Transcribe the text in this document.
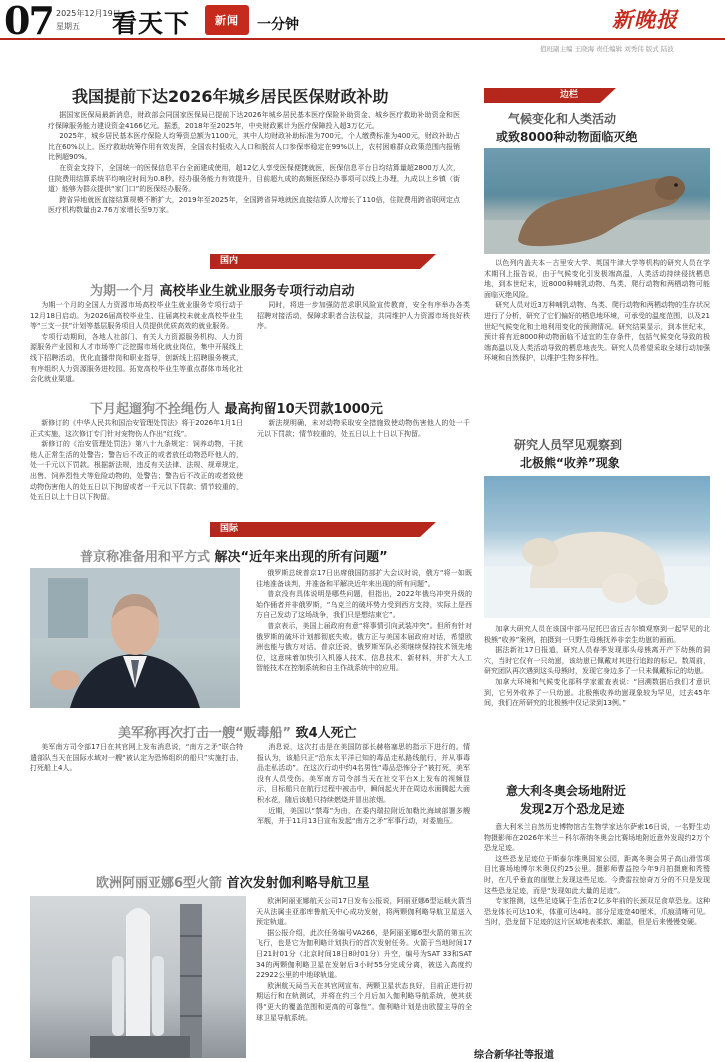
07 2025年12月19日
星期五 看天下	新闻	一分钟	新晚报
值班副主编 王晓海 责任编辑 刘秀伟 版式 陆波
我国提前下达2026年城乡居民医保财政补助

据国家医保局最新消息，财政部会同国家医保局已提前下达2026年城乡居民基本医疗保险补助资金、城乡医疗救助补助资金和医疗保障服务能力建设资金4166亿元。据悉，2018年至2025年，中央财政累计为医疗保障投入超3万亿元。

2025年，城乡居民基本医疗保险人均筹资总额为1100元，其中人均财政补助标准为700元，个人缴费标准为400元，财政补助占比在60%以上。医疗救助统筹作用有效发挥，全国农村低收入人口和脱贫人口参保率稳定在99%以上，农村困难群众政策范围内报销比例超90%。

在资金支持下，全国统一的医保信息平台全面建成使用，超12亿人享受医保便捷就医，医保信息平台日均结算量超2800万人次，住院费用结算系统平均响应时间为0.8秒。经办服务能力有效提升，目前超九成的高频医保经办事项可以线上办理，九成以上乡镇（街道）能够为群众提供“家门口”的医保经办服务。

跨省异地就医直接结算规模不断扩大，2019年至2025年，全国跨省异地就医直接结算人次增长了110倍，住院费用跨省联网定点医疗机构数量由2.76万家增长至9万家。

国内
为期一个月 高校毕业生就业服务专项行动启动

为期一个月的全国人力资源市场高校毕业生就业服务专项行动于12月18日启动。为2026届高校毕业生、往届离校未就业高校毕业生等“三支一扶”计划等基层服务项目人员提供优质高效的就业服务。

专项行动期间，各地人社部门、有关人力资源服务机构、人力资源服务产业园和人才市场等广泛挖掘市场化就业岗位，集中开展线上线下招聘活动，优化直播带岗和职业指导，创新线上招聘服务模式，有序组织人力资源服务进校园。拓宽高校毕业生等重点群体市场化社会化就业渠道。

同时，将进一步加强防范求职风险宣传教育，安全有序举办各类招聘对接活动，保障求职者合法权益，共同维护人力资源市场良好秩序。

下月起遛狗不拴绳伤人 最高拘留10天罚款1000元

新修订的《中华人民共和国治安管理处罚法》将于2026年1月1日正式实施，这次修订专门针对宠物伤人作出“红线”。

新修订的《治安管理处罚法》第八十九条规定：饲养动物，干扰他人正常生活的处警告；警告后不改正的或者放任动物恐吓他人的，处一千元以下罚款。根据新法规，违反有关法律、法规、规章规定，出售、饲养烈性犬等危险动物的，处警告；警告后不改正的或者致使动物伤害他人的处五日以下拘留或者一千元以下罚款；情节较重的，处五日以上十日以下拘留。

新法规明确，未对动物采取安全措施致使动物伤害他人的处一千元以下罚款；情节较重的，处五日以上十日以下拘留。

国际
普京称准备用和平方式 解决“近年来出现的所有问题”

俄罗斯总统普京17日出席俄国防部扩大会议时说，俄方“将一如既往地准备谈判，并准备和平解决近年来出现的所有问题”。

普京没有具体说明是哪些问题，但指出，2022年俄乌冲突升级的始作俑者并非俄罗斯，“乌克兰的破坏势力受到西方支持，实际上是西方自己发动了这场战争，我们只是想结束它”。

普京表示，美国上届政府有意“将事情引向武装冲突”。但所有针对俄罗斯的破坏计划都彻底失败。俄方正与美国本届政府对话，希望欧洲也能与俄方对话。普京还说，俄罗斯军队必须继续保持技术领先地位，这意味着加快引入机器人技术、信息技术、新材料，并扩大人工智能技术在控制系统和自主作战系统中的应用。

美军称再次打击一艘“贩毒船” 致4人死亡

美军南方司令部17日在其官网上发布消息说，“南方之矛”联合特遣部队当天在国际水域对一艘“被认定为恐怖组织的船只”实施打击，打死船上4人。

消息说，这次打击是在美国防部长赫格塞思的指示下进行的。情报认为，该船只正“沿东太平洋已知的毒品走私路线航行，并从事毒品走私活动”。在这次行动中约4名男性“毒品恐怖分子”被打死，美军没有人员受伤。美军南方司令部当天在社交平台X上发布的视频显示，目标船只在航行过程中被击中，瞬间起火并在周边水面腾起大面积水花，随后该船只持续燃烧并冒出浓烟。

近期，美国以“禁毒”为由，在委内瑞拉附近加勒比海域部署多艘军舰，并于11月13日宣布发起“南方之矛”军事行动，对委施压。

欧洲阿丽亚娜6型火箭 首次发射伽利略导航卫星

欧洲阿丽亚娜航天公司17日发布公报说，阿丽亚娜6型运载火箭当天从法属圭亚那库鲁航天中心成功发射，将两颗伽利略导航卫星送入预定轨道。

据公报介绍，此次任务编号VA266，是阿丽亚娜6型火箭的第五次飞行，也是它为伽利略计划执行的首次发射任务。火箭于当地时间17日21时01分（北京时间18日8时01分）升空，编号为SAT 33和SAT 34的两颗伽利略卫星在发射后3小时55分完成分离，被送入高度约22922公里的中地球轨道。

欧洲航天局当天在其官网宣布，两颗卫星状态良好，目前正进行初期运行和在轨测试，并将在约三个月后加入伽利略导航系统，使其获得“更大的覆盖范围和更高的可靠性”。伽利略计划是由欧盟主导的全球卫星导航系统。

边栏
气候变化和人类活动
或致8000种动物面临灭绝

以色列内盖夫本－古里安大学、英国牛津大学等机构的研究人员在学术期刊上报告说，由于气候变化引发极端高温，人类活动持续侵扰栖息地，到本世纪末，近8000种哺乳动物、鸟类、爬行动物和两栖动物可能面临灭绝风险。

研究人员对近3万种哺乳动物、鸟类、爬行动物和两栖动物的生存状况进行了分析，研究了它们偏好的栖息地环境，可承受的温度范围，以及21世纪气候变化和土地利用变化的预测情况。研究结果显示，到本世纪末，预计将有近8000种动物面临不适宜的生存条件，包括气候变化导致的极端高温以及人类活动导致的栖息地丧失。研究人员希望采取全球行动加强环境和自然保护，以维护生物多样性。

研究人员罕见观察到
北极熊“收养”现象

加拿大研究人员在该国中部马尼托巴省丘吉尔镇观察到一起罕见的北极熊“收养”案例，拍摄到一只野生母熊抚养非亲生幼崽的画面。

据法新社17日报道，研究人员春季发现那头母熊离开产下幼熊的洞穴，当时它仅有一只幼崽，该幼崽已佩戴对其进行追踪的标记。数周前，研究团队再次遇到这头母熊时，发现它身边多了一只未佩戴标记的幼崽。

加拿大环境和气候变化部科学家霍查表说：“回溯数据后我们才意识到，它另外收养了一只幼崽。北极熊收养幼崽现象较为罕见，过去45年间，我们在所研究的北极熊中仅记录到13例。”

意大利冬奥会场地附近
发现2万个恐龙足迹

意大利米兰自然历史博物馆古生物学家达尔萨索16日说，一名野生动物摄影师在2026年米兰－科尔蒂纳冬奥会比赛场地附近意外发现约2万个恐龙足迹。

这些恐龙足迹位于斯泰尔维奥国家公园，距离冬奥会男子高山滑雪项目比赛场地博尔米奥仅约25公里。摄影师曹益控今年9月拍摄鹿和秃鹫时，在几乎垂直的崖壁上发现这些足迹。今费雷拉惊奇万分的不只是发现这些恐龙足迹，而是“发现如此大量的足迹”。

专家推测，这些足迹属于生活在2亿多年前的长颈双足食草恐龙。这种恐龙体长可达10米，体重可达4吨。部分足迹宽40厘米，爪痕清晰可见。当时，恐龙留下足迹的这片区域地表柔软、潮湿，但是后来慢慢变硬。

综合新华社等报道
